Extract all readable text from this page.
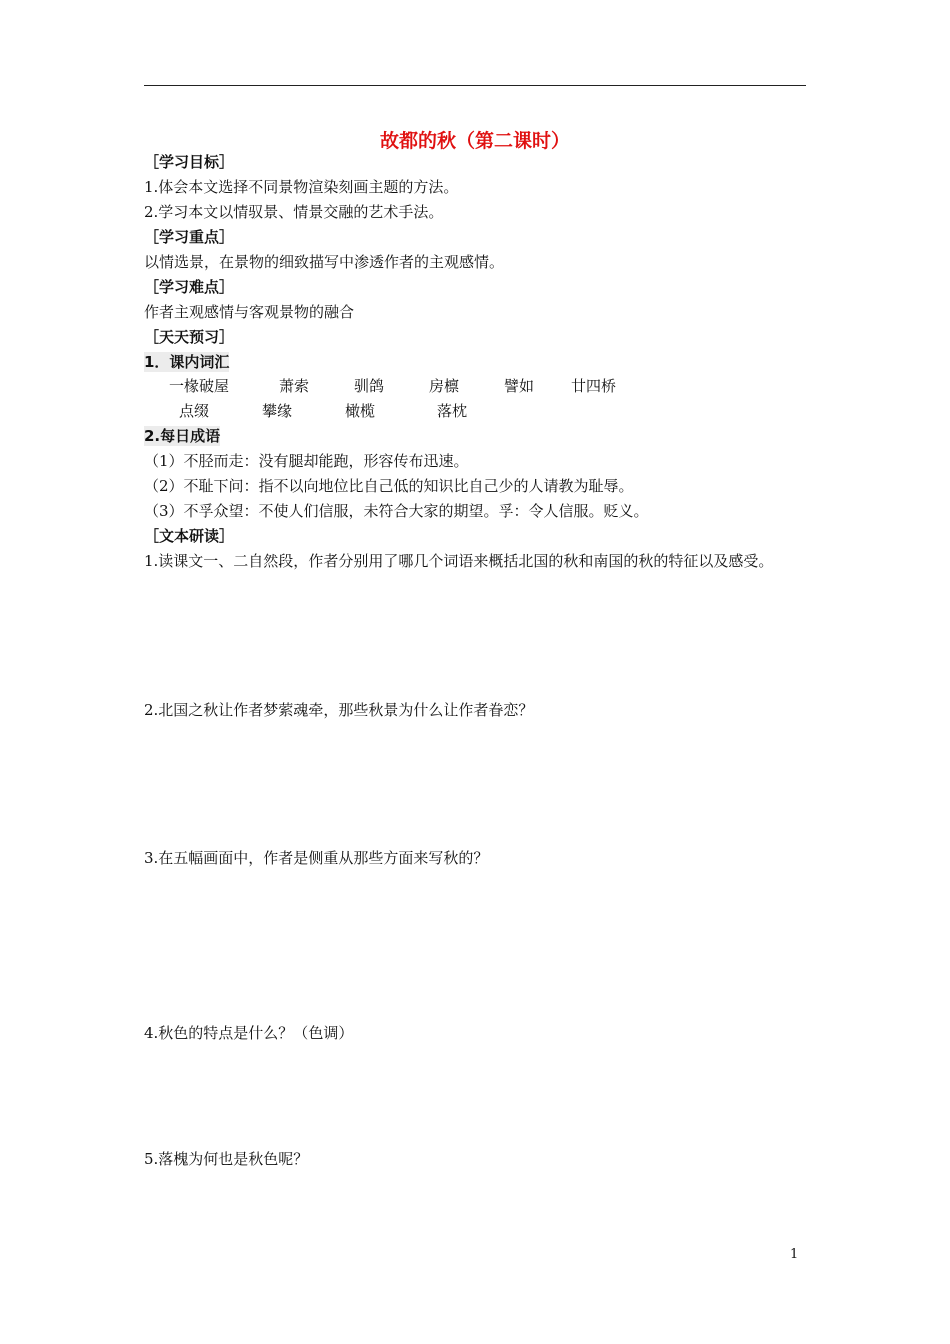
故都的秋（第二课时）
［学习目标］
1.体会本文选择不同景物渲染刻画主题的方法。
2.学习本文以情驭景、情景交融的艺术手法。
［学习重点］
以情选景，在景物的细致描写中渗透作者的主观感情。
［学习难点］
作者主观感情与客观景物的融合
［天天预习］
1．课内词汇
一椽破屋	萧索	驯鸽	房檩	譬如 廿四桥
点缀	攀缘	橄榄	落枕
2.每日成语
（1）不胫而走：没有腿却能跑，形容传布迅速。
（2）不耻下问：指不以向地位比自己低的知识比自己少的人请教为耻辱。
（3）不孚众望：不使人们信服，未符合大家的期望。孚：令人信服。贬义。
［文本研读］
1.读课文一、二自然段，作者分别用了哪几个词语来概括北国的秋和南国的秋的特征以及感受。
2.北国之秋让作者梦萦魂牵，那些秋景为什么让作者眷恋？
3.在五幅画面中，作者是侧重从那些方面来写秋的？
4.秋色的特点是什么？（色调）
5.落槐为何也是秋色呢？
1
